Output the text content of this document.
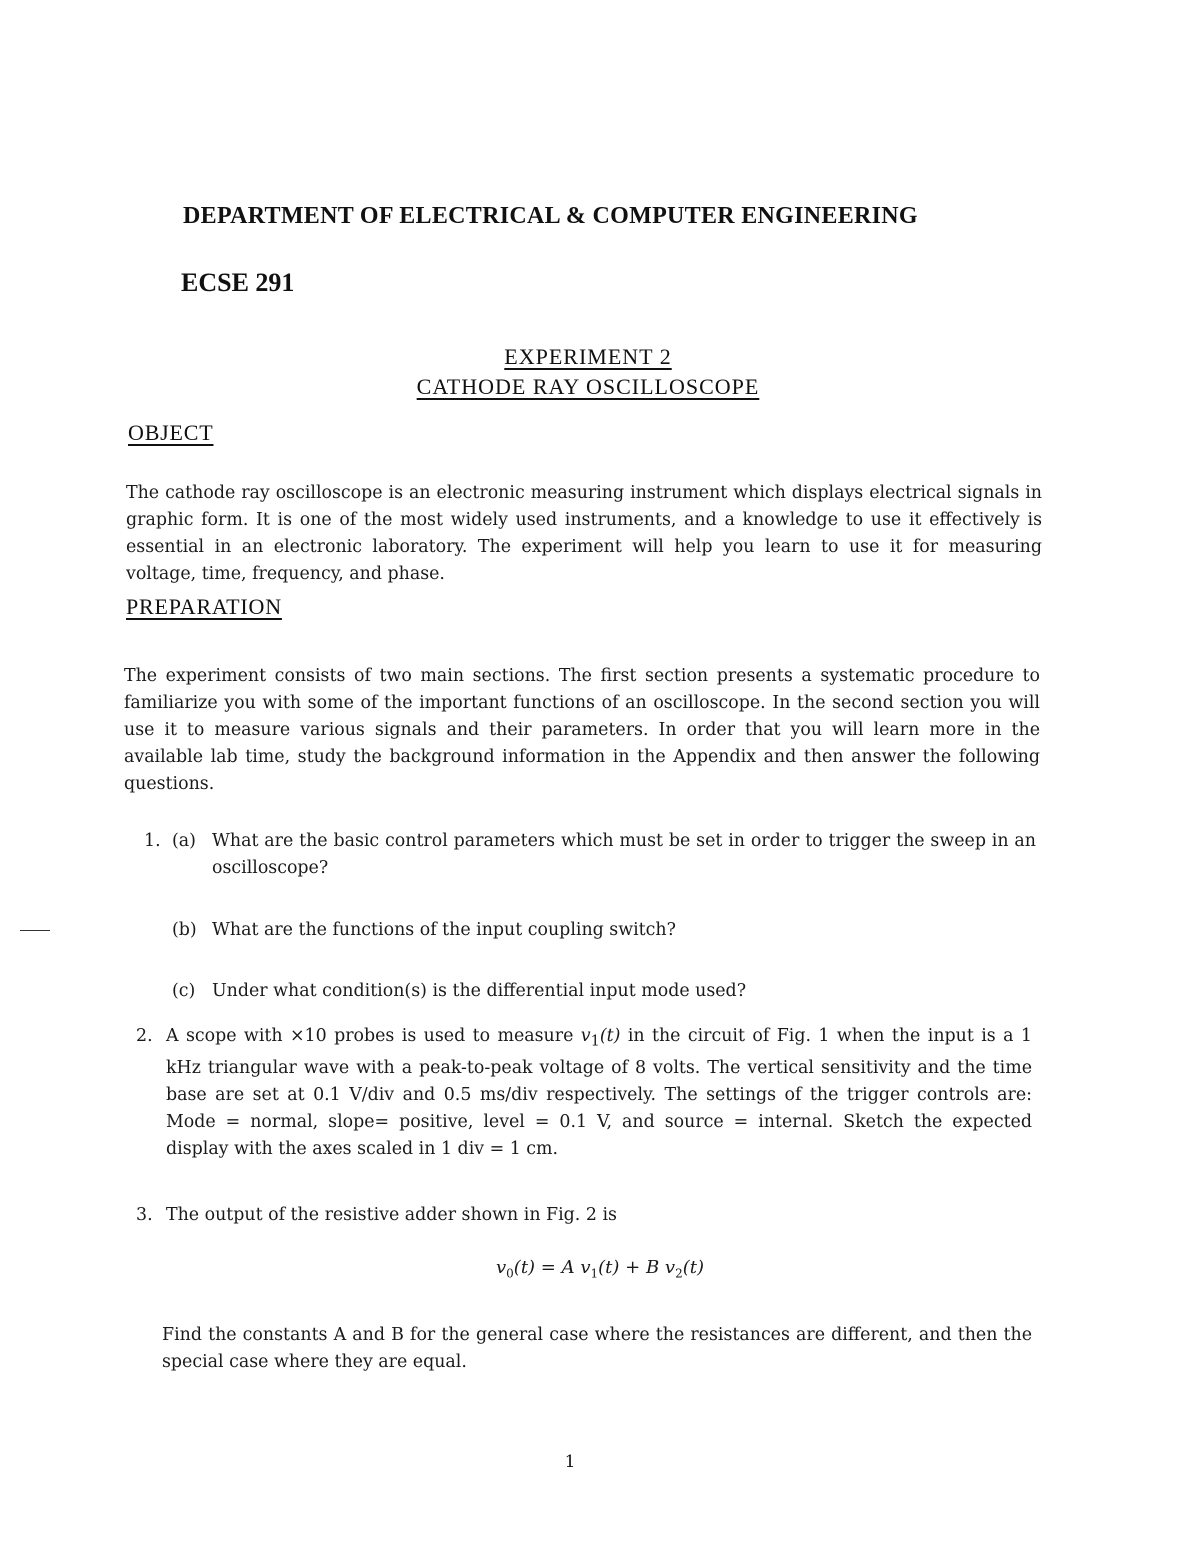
DEPARTMENT OF ELECTRICAL & COMPUTER ENGINEERING
ECSE 291
EXPERIMENT 2
CATHODE RAY OSCILLOSCOPE
OBJECT
The cathode ray oscilloscope is an electronic measuring instrument which displays electrical signals in graphic form. It is one of the most widely used instruments, and a knowledge to use it effectively is essential in an electronic laboratory. The experiment will help you learn to use it for measuring voltage, time, frequency, and phase.
PREPARATION
The experiment consists of two main sections. The first section presents a systematic procedure to familiarize you with some of the important functions of an oscilloscope. In the second section you will use it to measure various signals and their parameters. In order that you will learn more in the available lab time, study the background information in the Appendix and then answer the following questions.
1. (a) What are the basic control parameters which must be set in order to trigger the sweep in an oscilloscope?
(b) What are the functions of the input coupling switch?
(c) Under what condition(s) is the differential input mode used?
2. A scope with ×10 probes is used to measure $v_1(t)$ in the circuit of Fig. 1 when the input is a 1 kHz triangular wave with a peak-to-peak voltage of 8 volts. The vertical sensitivity and the time base are set at 0.1 V/div and 0.5 ms/div respectively. The settings of the trigger controls are: Mode = normal, slope= positive, level = 0.1 V, and source = internal. Sketch the expected display with the axes scaled in 1 div = 1 cm.
3. The output of the resistive adder shown in Fig. 2 is
$v_0(t) = A$ $v_1(t) + B$ $v_2(t)$
Find the constants A and B for the general case where the resistances are different, and then the special case where they are equal.
1
